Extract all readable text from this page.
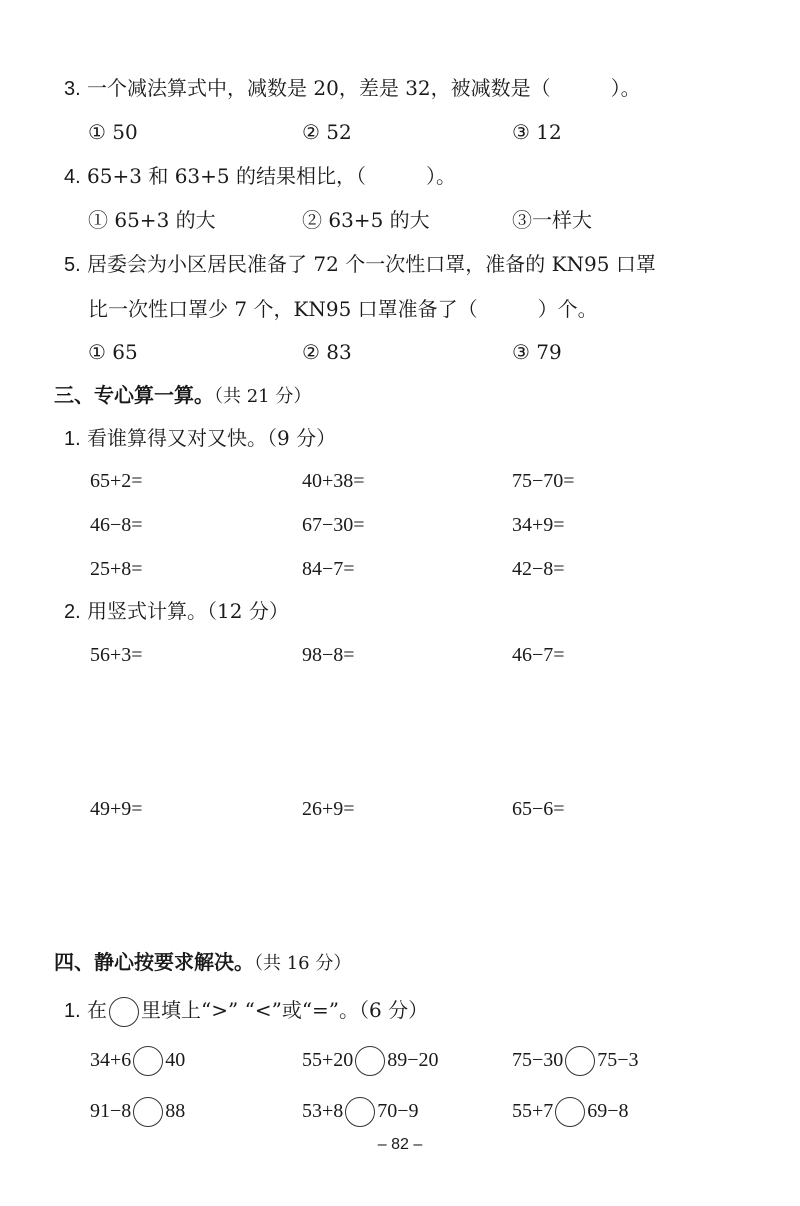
3. 一个减法算式中，减数是 20，差是 32，被减数是（	）。
① 50	② 52	③ 12
4. 65+3 和 63+5 的结果相比，（	）。
① 65+3 的大	② 63+5 的大	③一样大
5. 居委会为小区居民准备了 72 个一次性口罩，准备的 KN95 口罩
比一次性口罩少 7 个，KN95 口罩准备了（	）个。
① 65	② 83	③ 79
三、专心算一算。（共 21 分）
1. 看谁算得又对又快。（9 分）
65+2=	40+38=	75−70=
46−8=	67−30=	34+9=
25+8=	84−7=	42−8=
2. 用竖式计算。（12 分）
56+3=	98−8=	46−7=
49+9=	26+9=	65−6=
四、静心按要求解决。（共 16 分）
1. 在 里填上“>” “<”或“=”。（6 分）
34+6 40	55+20 89−20	75−30 75−3
91−8 88	53+8 70−9	55+7 69−8
– 82 –
